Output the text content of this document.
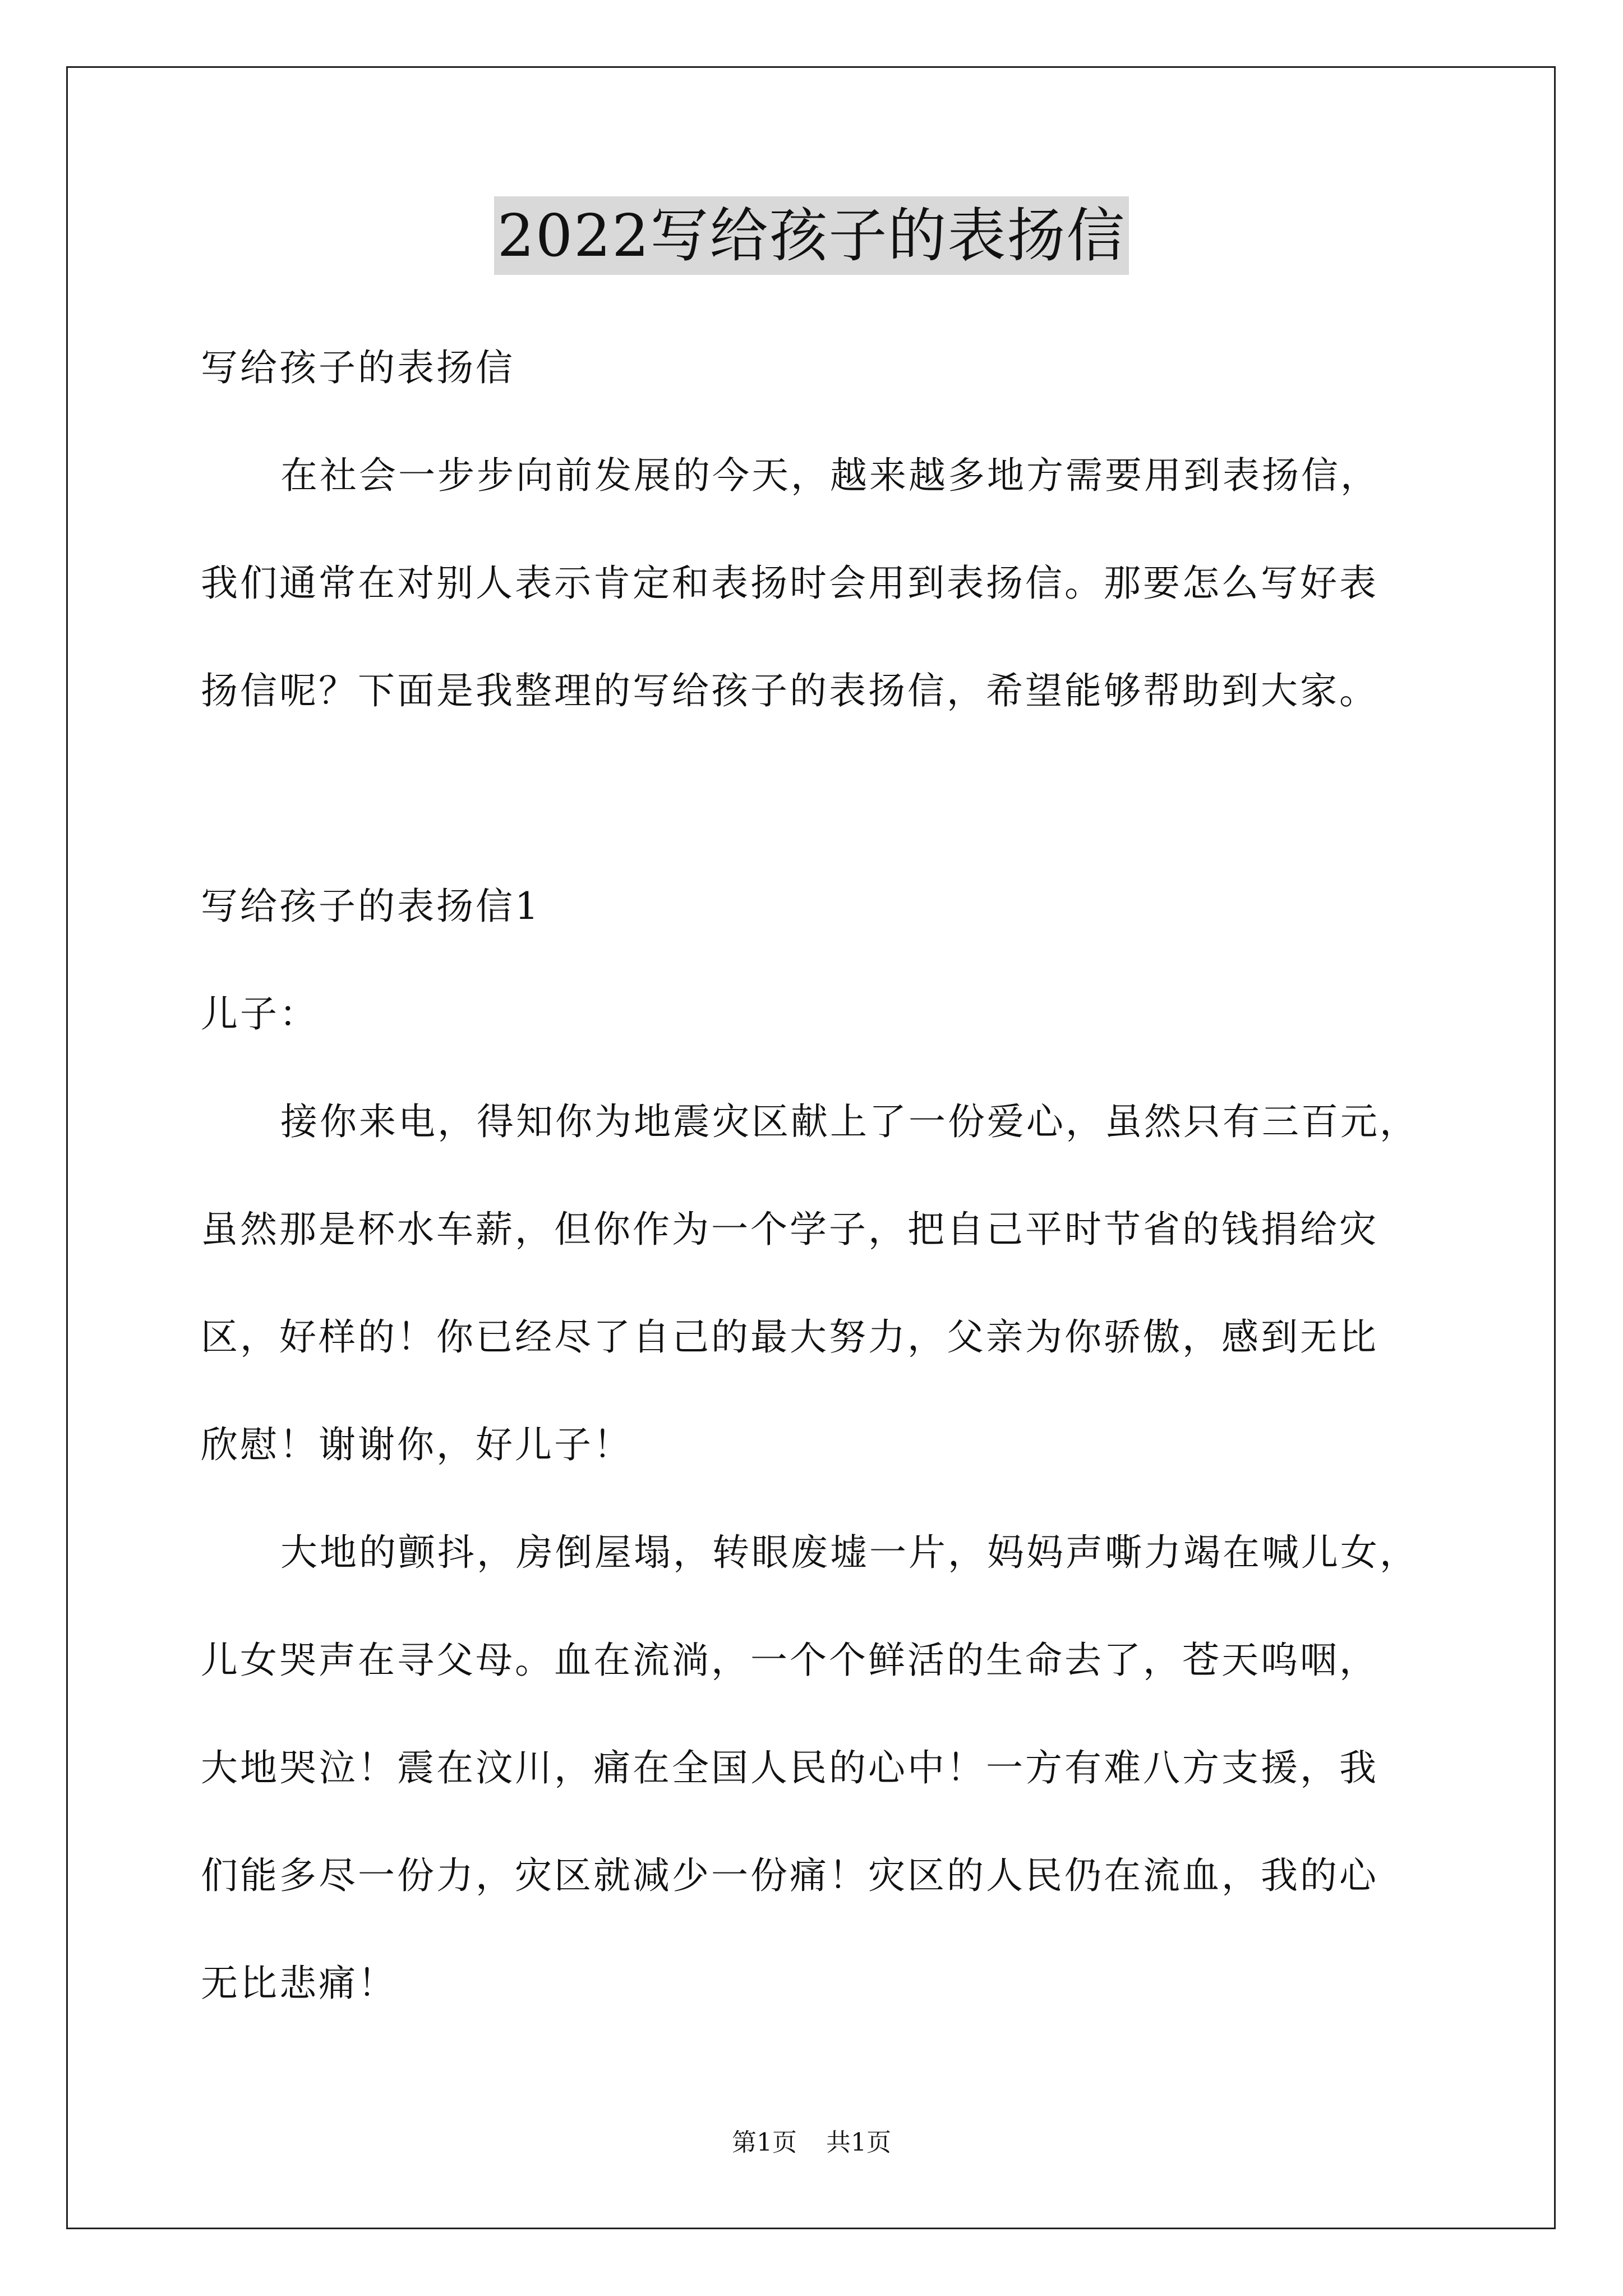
2022写给孩子的表扬信
写给孩子的表扬信
在社会一步步向前发展的今天，越来越多地方需要用到表扬信，
我们通常在对别人表示肯定和表扬时会用到表扬信。那要怎么写好表
扬信呢？下面是我整理的写给孩子的表扬信，希望能够帮助到大家。
写给孩子的表扬信1
儿子：
接你来电，得知你为地震灾区献上了一份爱心，虽然只有三百元，
虽然那是杯水车薪，但你作为一个学子，把自己平时节省的钱捐给灾
区，好样的！你已经尽了自己的最大努力，父亲为你骄傲，感到无比
欣慰！谢谢你，好儿子！
大地的颤抖，房倒屋塌，转眼废墟一片，妈妈声嘶力竭在喊儿女，
儿女哭声在寻父母。血在流淌，一个个鲜活的生命去了，苍天呜咽，
大地哭泣！震在汶川，痛在全国人民的心中！一方有难八方支援，我
们能多尽一份力，灾区就减少一份痛！灾区的人民仍在流血，我的心
无比悲痛！
第1页 共1页
